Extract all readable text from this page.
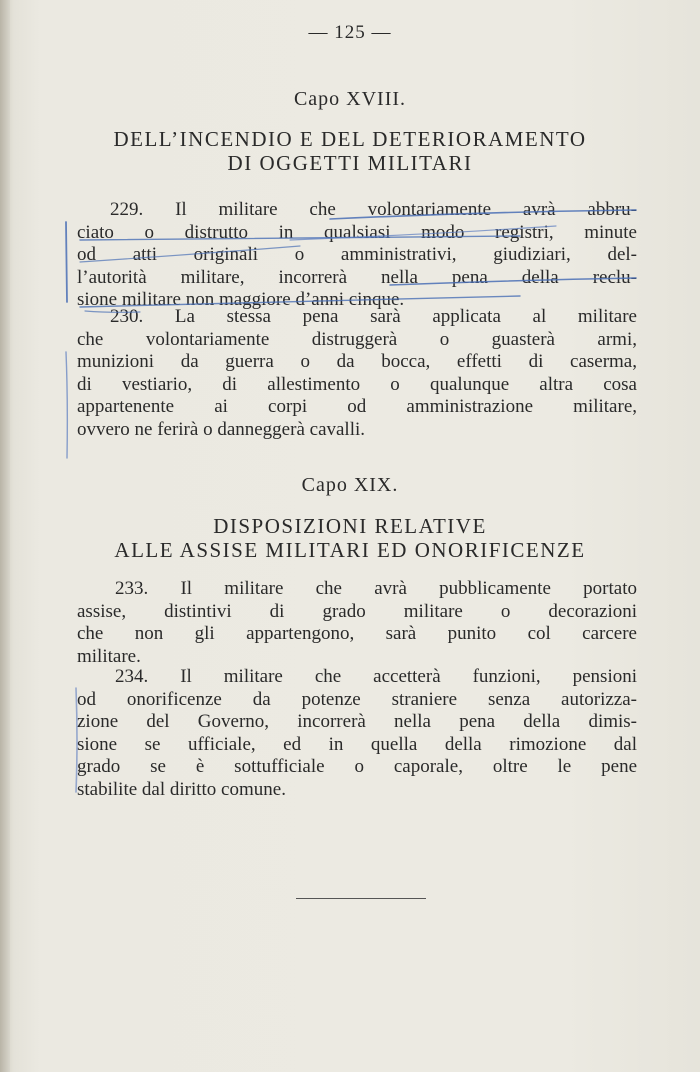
— 125 —
Capo XVIII.
DELL’INCENDIO E DEL DETERIORAMENTO
DI OGGETTI MILITARI
229. Il militare che volontariamente avrà abbru-
ciato o distrutto in qualsiasi modo registri, minute
od atti originali o amministrativi, giudiziari, del-
l’autorità militare, incorrerà nella pena della reclu-
sione militare non maggiore d’anni cinque.
230. La stessa pena sarà applicata al militare
che volontariamente distruggerà o guasterà armi,
munizioni da guerra o da bocca, effetti di caserma,
di vestiario, di allestimento o qualunque altra cosa
appartenente ai corpi od amministrazione militare,
ovvero ne ferirà o danneggerà cavalli.
Capo XIX.
DISPOSIZIONI RELATIVE
ALLE ASSISE MILITARI ED ONORIFICENZE
233. Il militare che avrà pubblicamente portato
assise, distintivi di grado militare o decorazioni
che non gli appartengono, sarà punito col carcere
militare.
234. Il militare che accetterà funzioni, pensioni
od onorificenze da potenze straniere senza autorizza-
zione del Governo, incorrerà nella pena della dimis-
sione se ufficiale, ed in quella della rimozione dal
grado se è sottufficiale o caporale, oltre le pene
stabilite dal diritto comune.
